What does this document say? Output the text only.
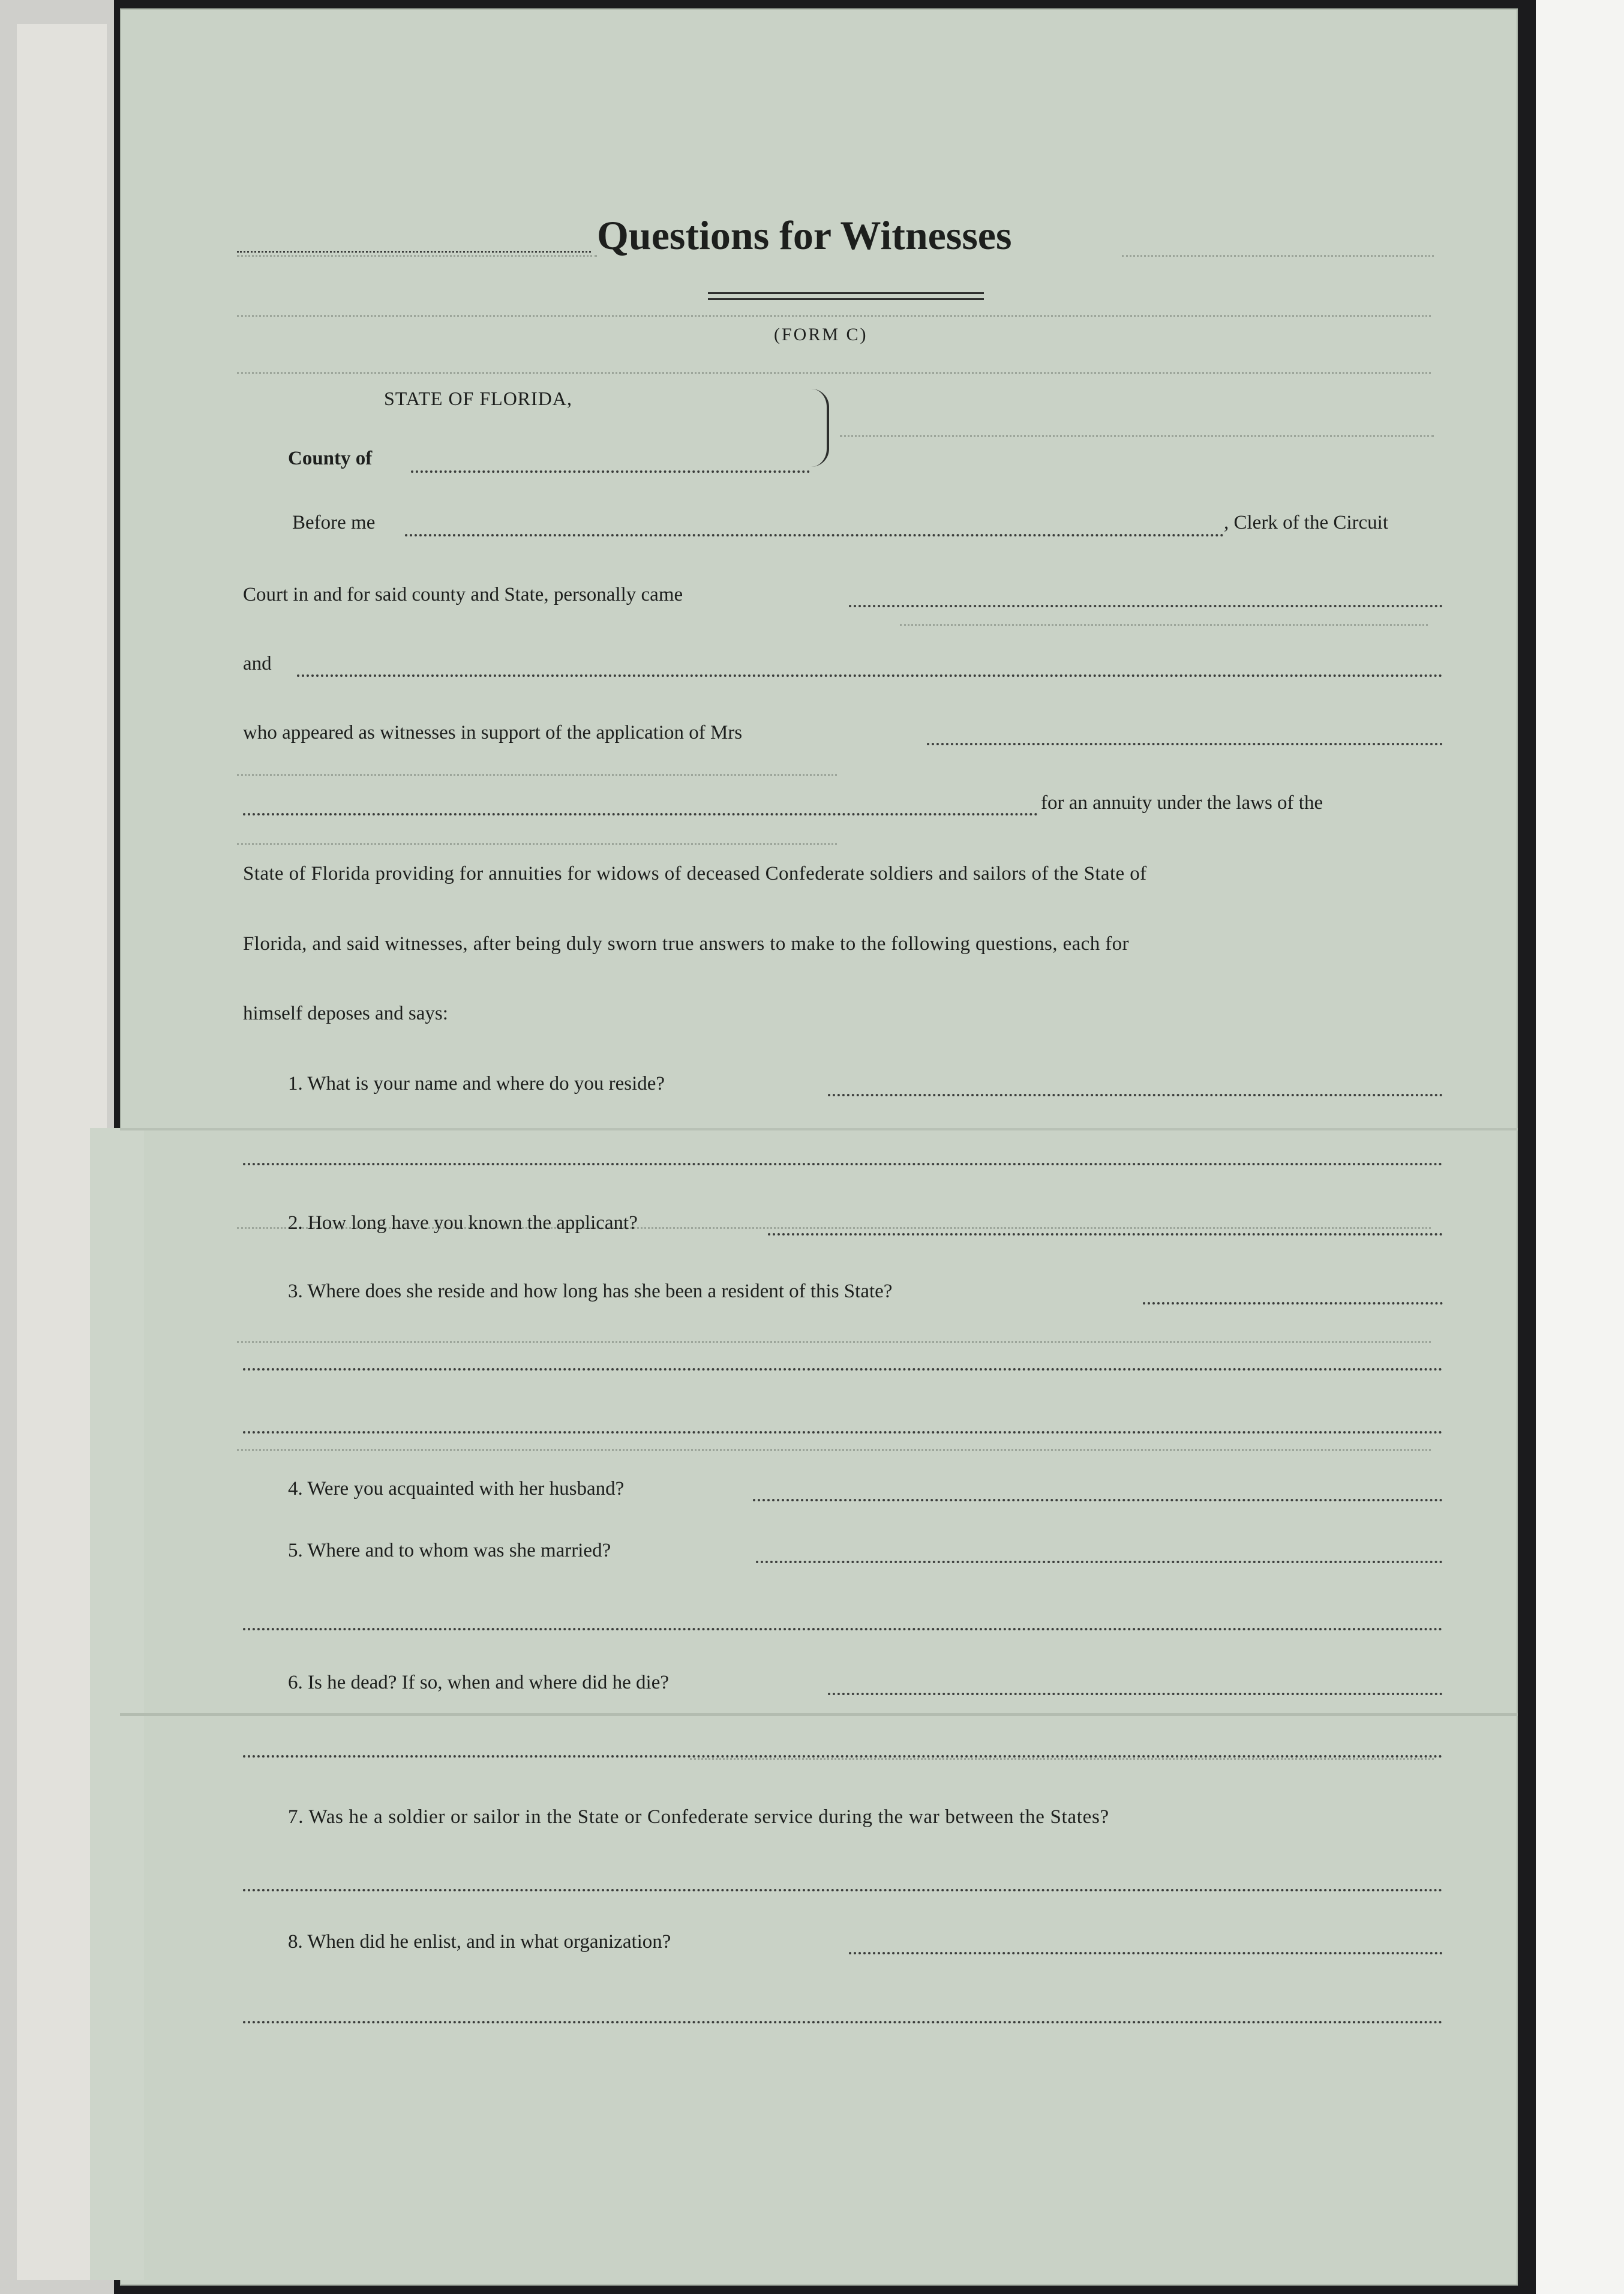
Questions for Witnesses
(FORM C)
STATE OF FLORIDA,
County of
Before me	, Clerk of the Circuit
Court in and for said county and State, personally came
and
who appeared as witnesses in support of the application of Mrs
for an annuity under the laws of the
State of Florida providing for annuities for widows of deceased Confederate soldiers and sailors of the State of
Florida, and said witnesses, after being duly sworn true answers to make to the following questions, each for
himself deposes and says:
1. What is your name and where do you reside?
2. How long have you known the applicant?
3. Where does she reside and how long has she been a resident of this State?
4. Were you acquainted with her husband?
5. Where and to whom was she married?
6. Is he dead? If so, when and where did he die?
7. Was he a soldier or sailor in the State or Confederate service during the war between the States?
8. When did he enlist, and in what organization?
